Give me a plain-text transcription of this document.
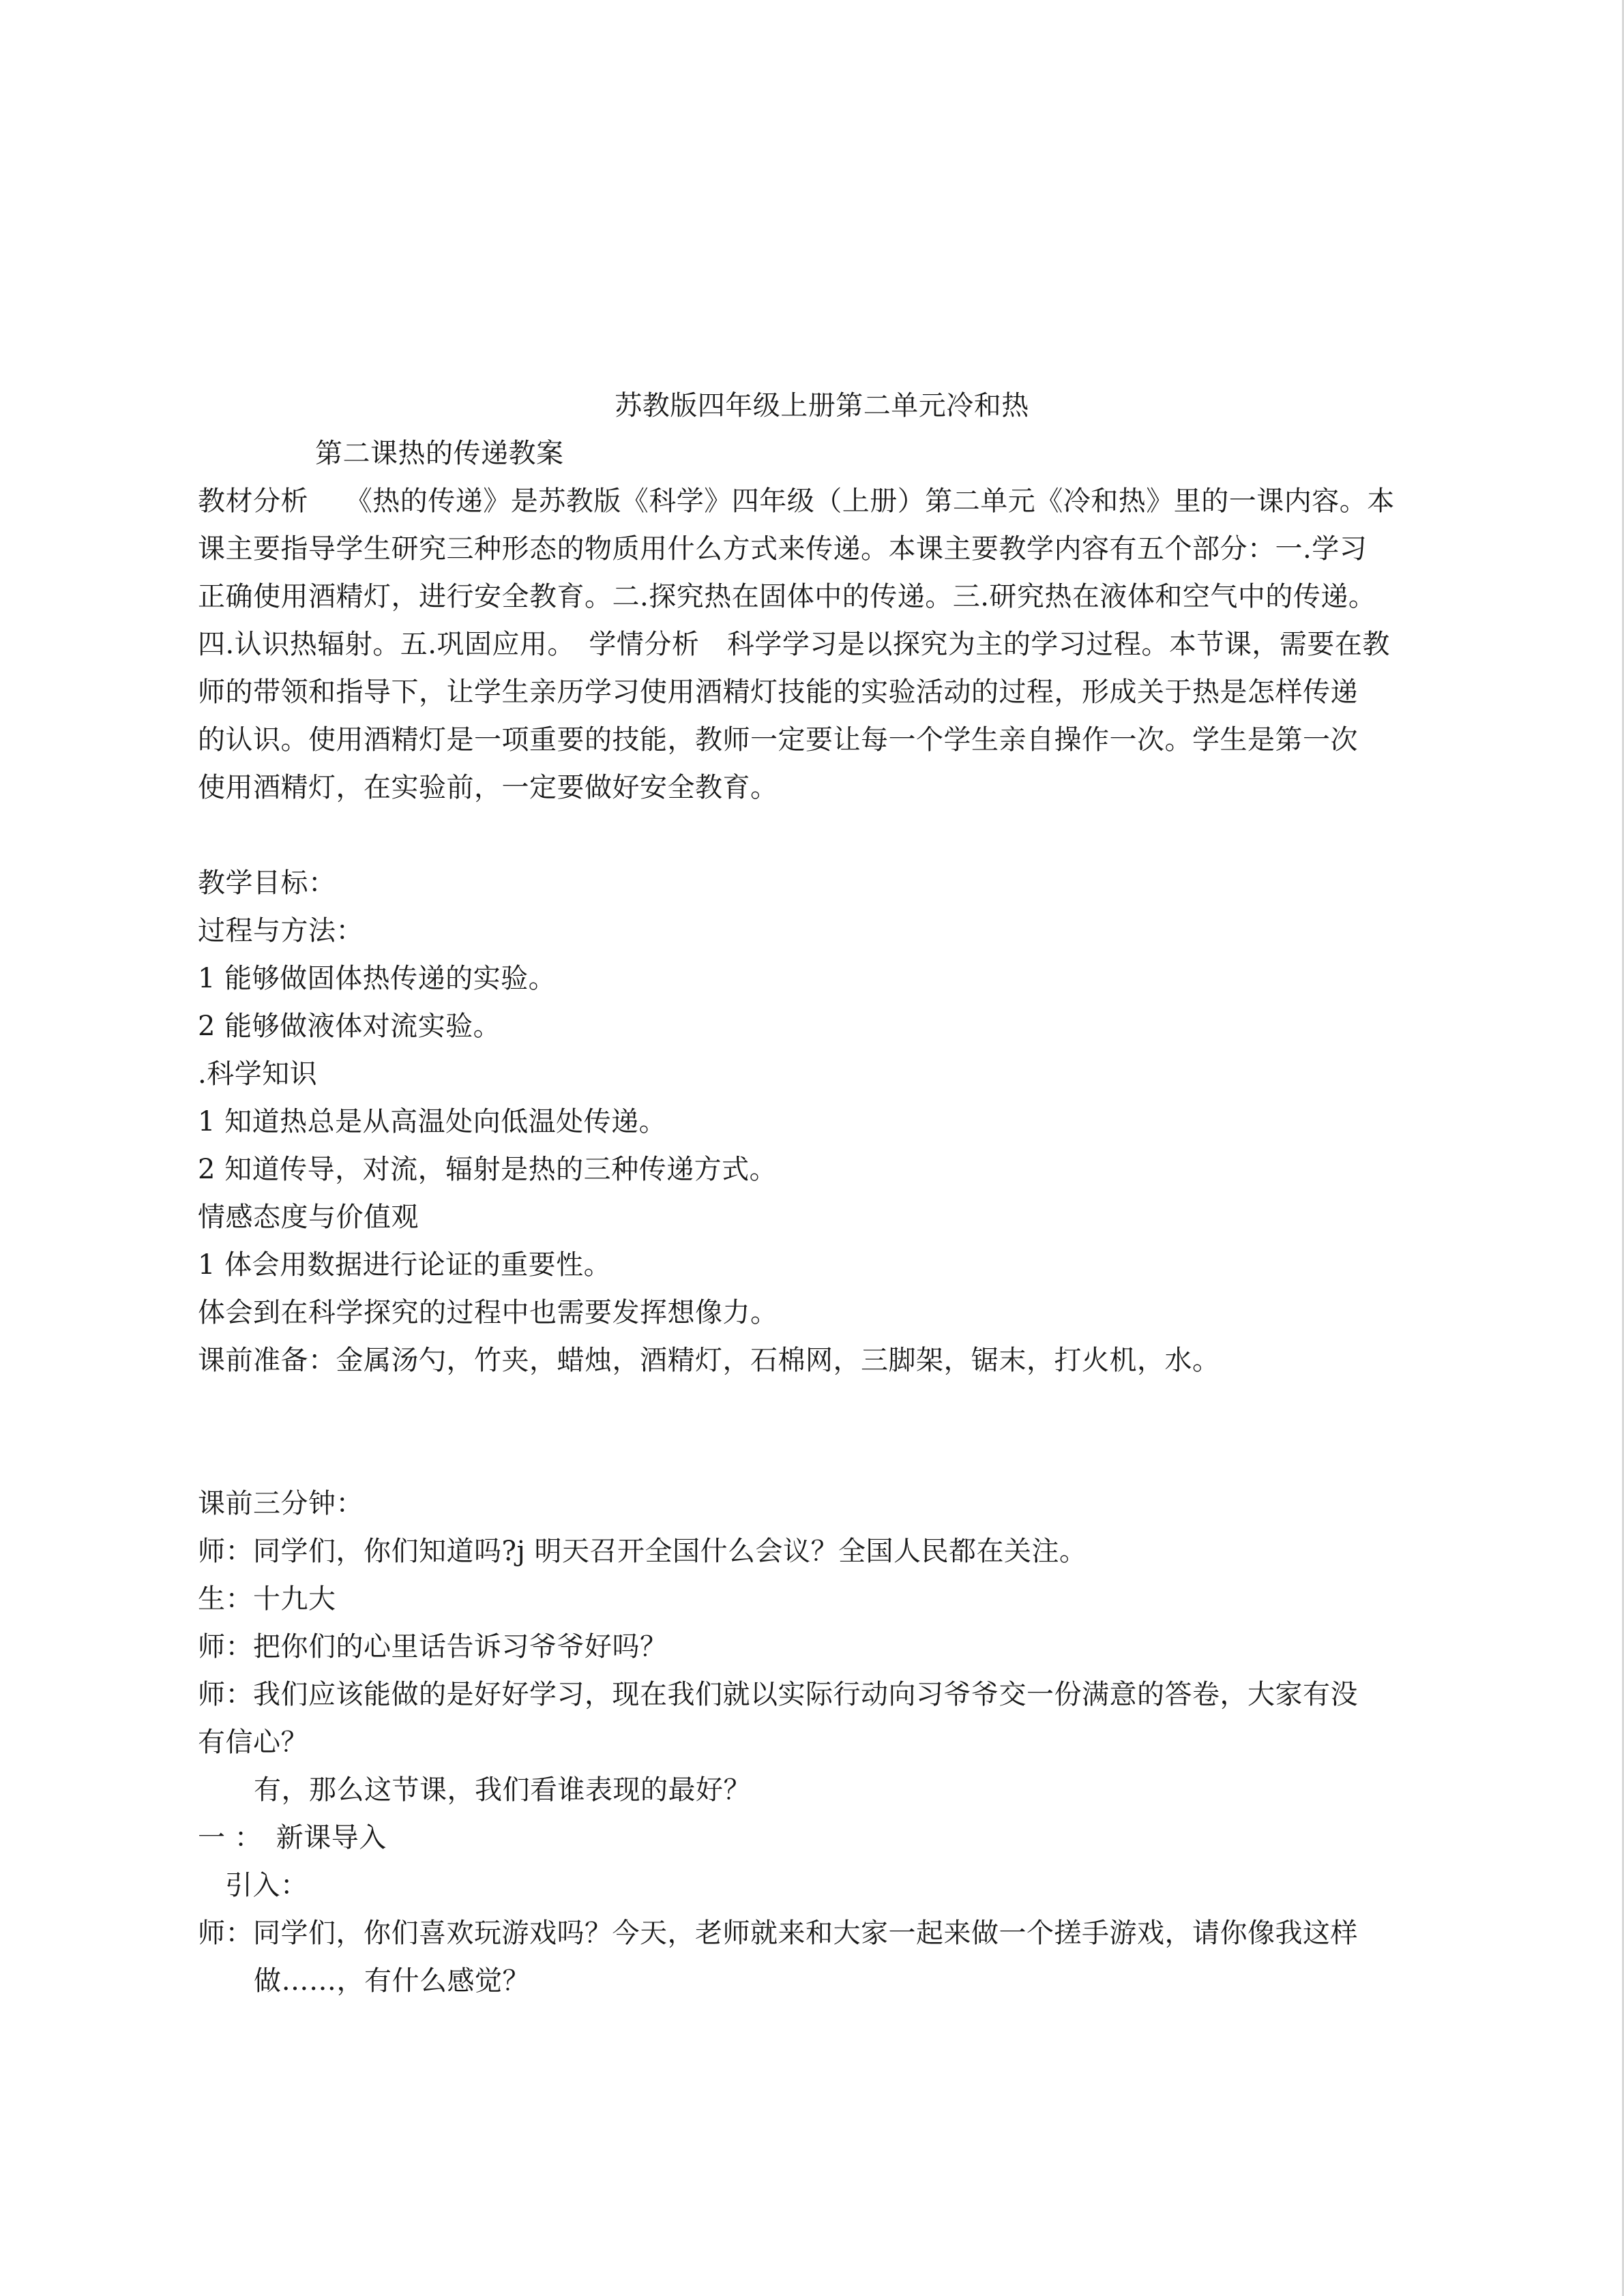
苏教版四年级上册第二单元冷和热
第二课热的传递教案
教材分析　 《热的传递》是苏教版《科学》四年级（上册）第二单元《冷和热》里的一课内容。本
课主要指导学生研究三种形态的物质用什么方式来传递。本课主要教学内容有五个部分：一.学习
正确使用酒精灯，进行安全教育。二.探究热在固体中的传递。三.研究热在液体和空气中的传递。
四.认识热辐射。五.巩固应用。　学情分析　科学学习是以探究为主的学习过程。本节课，需要在教
师的带领和指导下，让学生亲历学习使用酒精灯技能的实验活动的过程，形成关于热是怎样传递
的认识。使用酒精灯是一项重要的技能，教师一定要让每一个学生亲自操作一次。学生是第一次
使用酒精灯，在实验前，一定要做好安全教育。
教学目标：
过程与方法：
1 能够做固体热传递的实验。
2 能够做液体对流实验。
.科学知识
1 知道热总是从高温处向低温处传递。
2 知道传导，对流，辐射是热的三种传递方式。
情感态度与价值观
1 体会用数据进行论证的重要性。
体会到在科学探究的过程中也需要发挥想像力。
课前准备：金属汤勺，竹夹，蜡烛，酒精灯，石棉网，三脚架，锯末，打火机，水。
课前三分钟：
师：同学们，你们知道吗?j 明天召开全国什么会议？全国人民都在关注。
生：十九大
师：把你们的心里话告诉习爷爷好吗？
师：我们应该能做的是好好学习，现在我们就以实际行动向习爷爷交一份满意的答卷，大家有没
有信心？
有，那么这节课，我们看谁表现的最好？
一 ：　新课导入
引入：
师：同学们，你们喜欢玩游戏吗？今天，老师就来和大家一起来做一个搓手游戏，请你像我这样
做……，有什么感觉？
